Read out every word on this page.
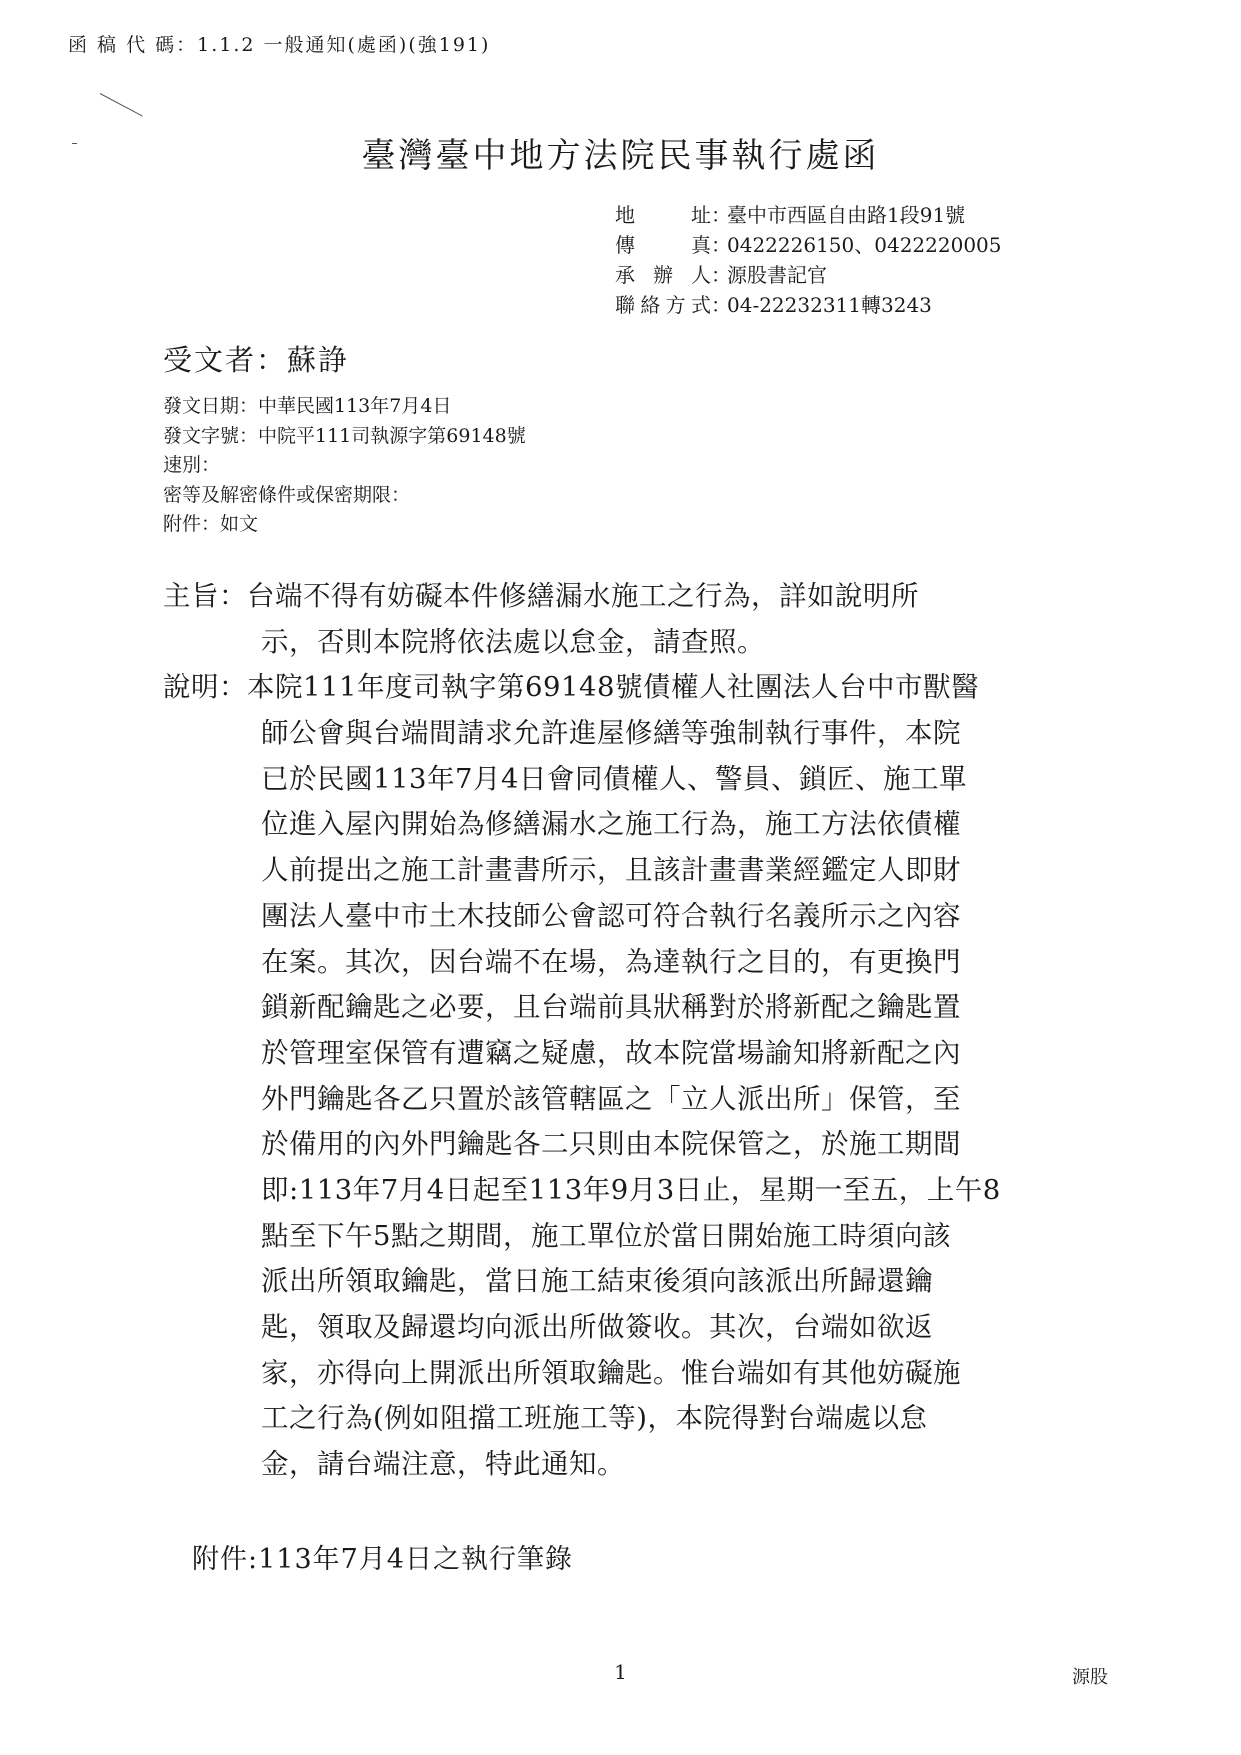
函 稿 代 碼：1.1.2 一般通知(處函)(強191)
臺灣臺中地方法院民事執行處函
地址：臺中市西區自由路1段91號
傳真：0422226150、0422220005
承辦人：源股書記官
聯絡方式：04-22232311轉3243
受文者：蘇諍
發文日期：中華民國113年7月4日
發文字號：中院平111司執源字第69148號
速別：
密等及解密條件或保密期限：
附件：如文
主旨：台端不得有妨礙本件修繕漏水施工之行為，詳如說明所
示，否則本院將依法處以怠金，請查照。
說明：本院111年度司執字第69148號債權人社團法人台中市獸醫
師公會與台端間請求允許進屋修繕等強制執行事件，本院
已於民國113年7月4日會同債權人、警員、鎖匠、施工單
位進入屋內開始為修繕漏水之施工行為，施工方法依債權
人前提出之施工計畫書所示，且該計畫書業經鑑定人即財
團法人臺中市土木技師公會認可符合執行名義所示之內容
在案。其次，因台端不在場，為達執行之目的，有更換門
鎖新配鑰匙之必要，且台端前具狀稱對於將新配之鑰匙置
於管理室保管有遭竊之疑慮，故本院當場諭知將新配之內
外門鑰匙各乙只置於該管轄區之「立人派出所」保管，至
於備用的內外門鑰匙各二只則由本院保管之，於施工期間
即:113年7月4日起至113年9月3日止，星期一至五，上午8
點至下午5點之期間，施工單位於當日開始施工時須向該
派出所領取鑰匙，當日施工結束後須向該派出所歸還鑰
匙，領取及歸還均向派出所做簽收。其次，台端如欲返
家，亦得向上開派出所領取鑰匙。惟台端如有其他妨礙施
工之行為(例如阻擋工班施工等)，本院得對台端處以怠
金，請台端注意，特此通知。
附件:113年7月4日之執行筆錄
1	源股
